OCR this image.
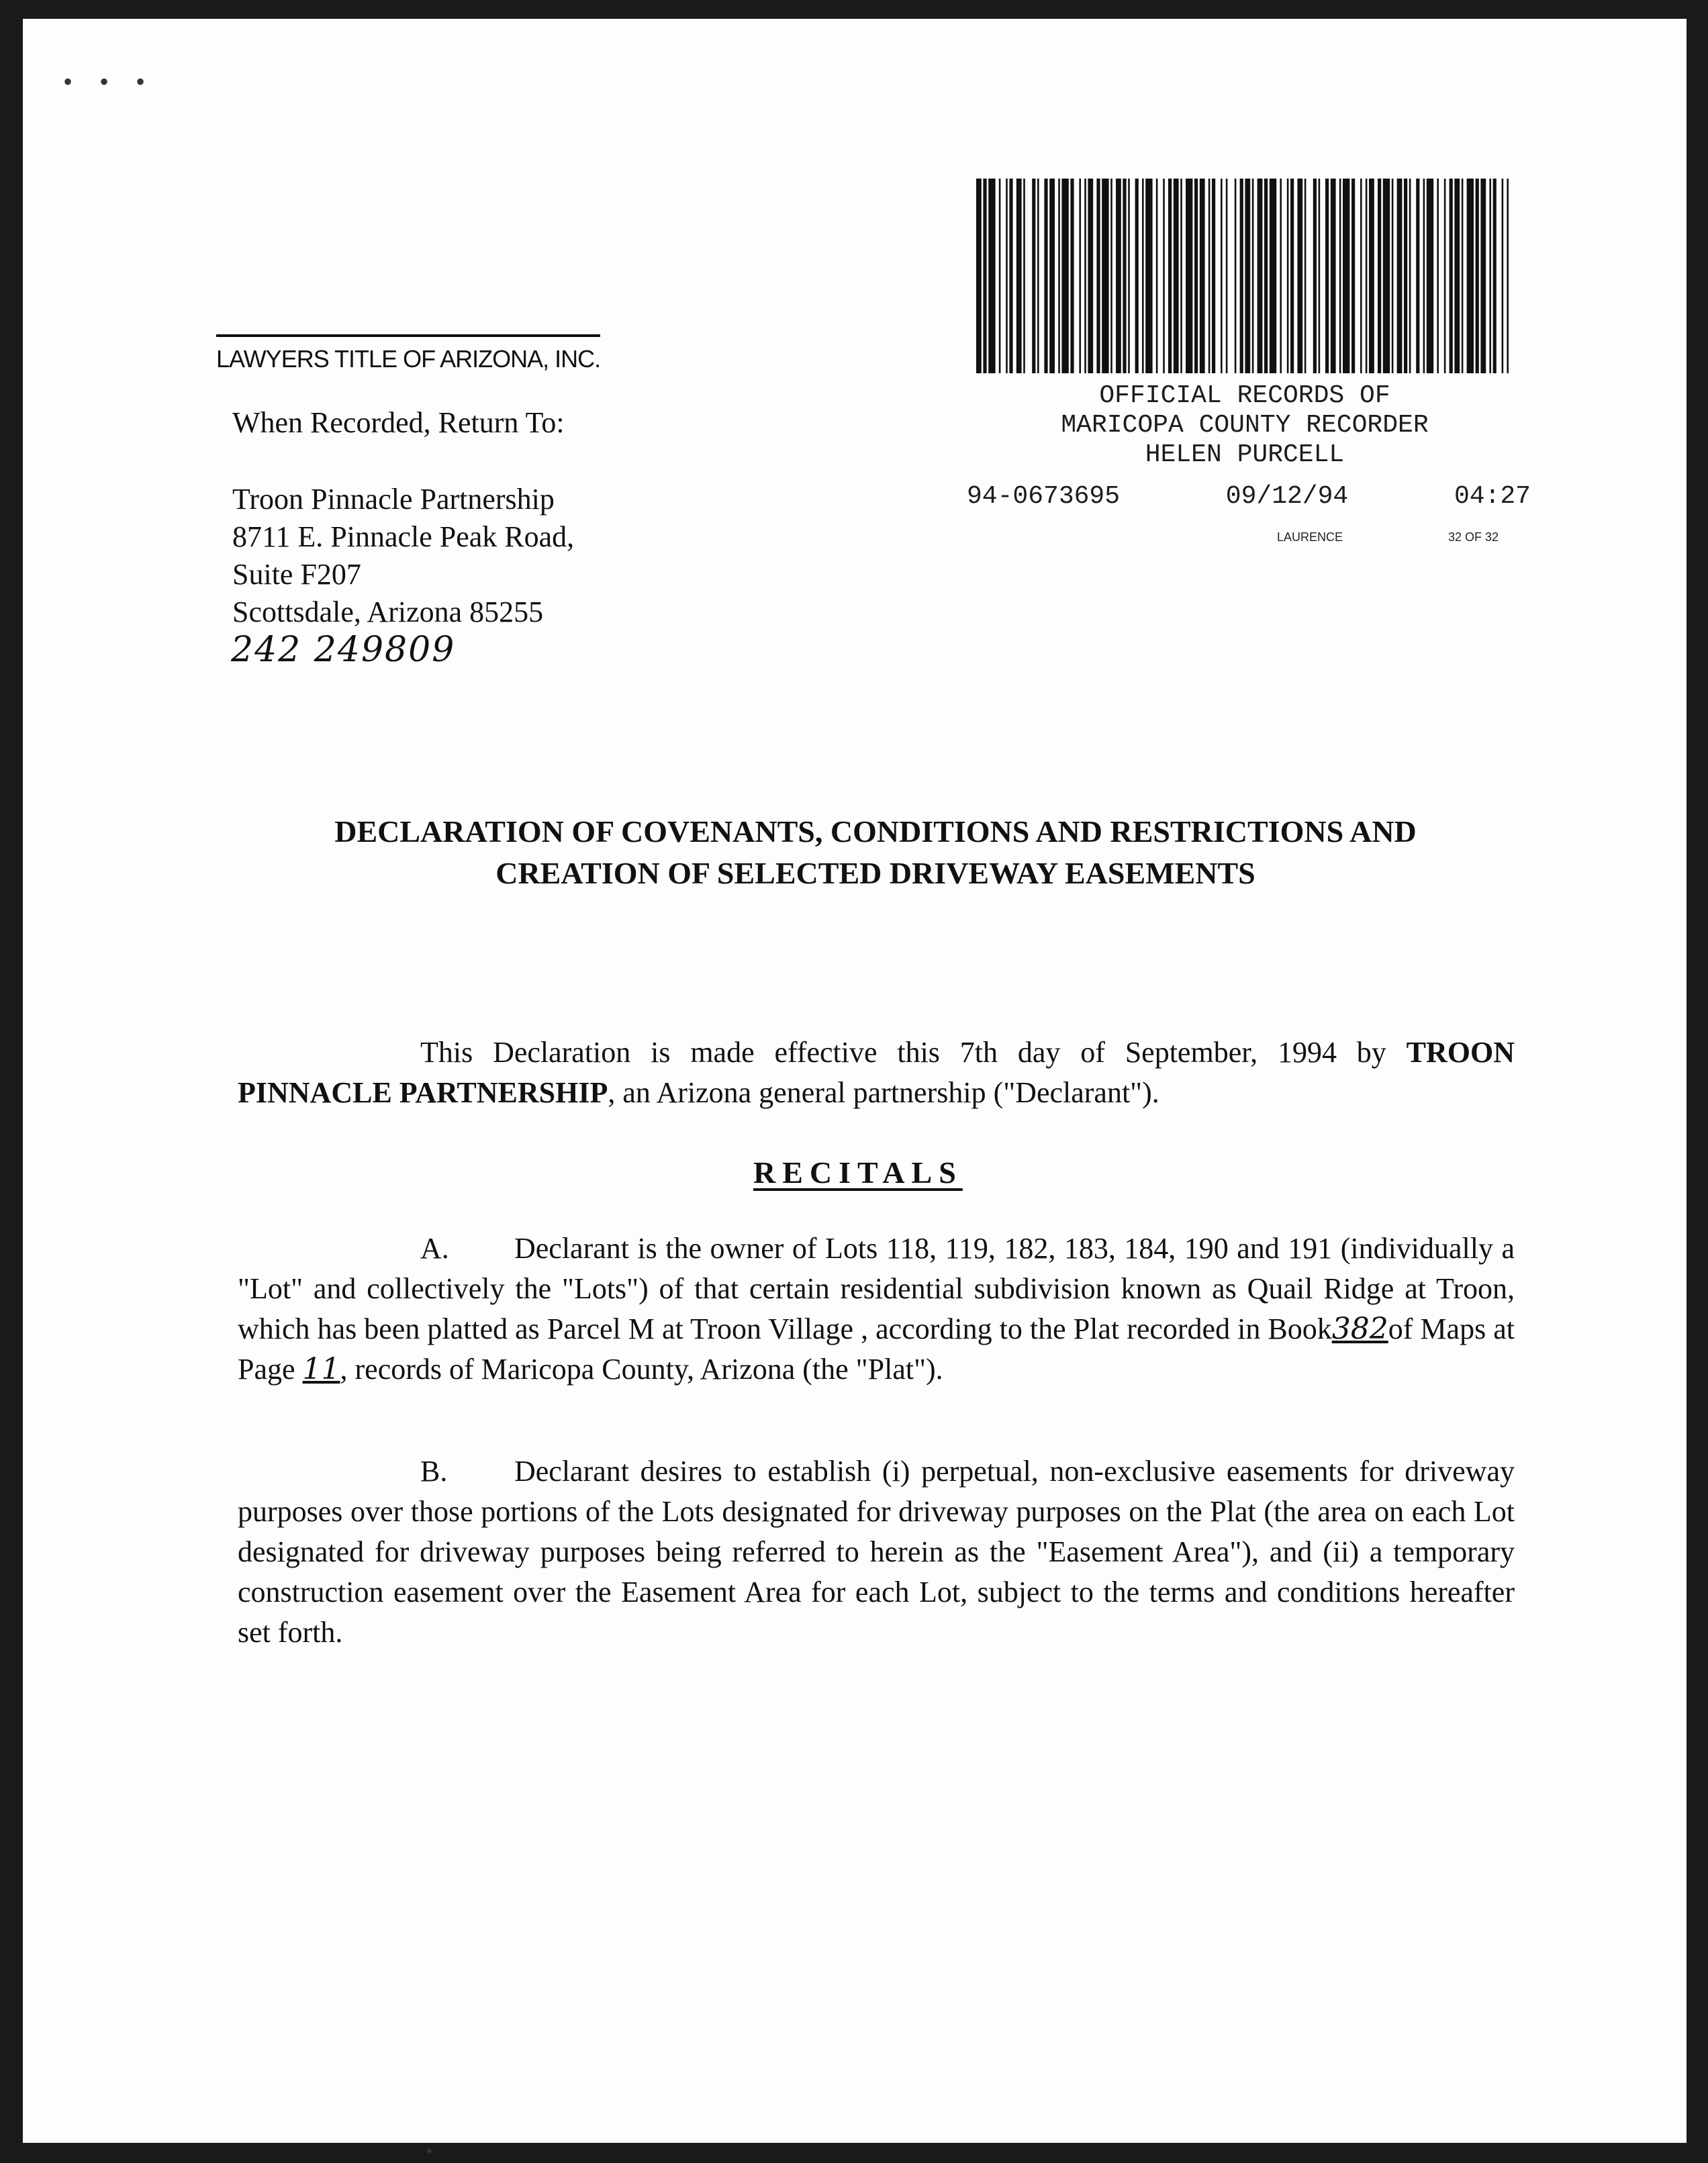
•••
OFFICIAL RECORDS OF
MARICOPA COUNTY RECORDER
HELEN PURCELL
94-0673695	09/12/94	04:27
LAURENCE	32 OF 32
LAWYERS TITLE OF ARIZONA, INC.
When Recorded, Return To:
Troon Pinnacle Partnership
8711 E. Pinnacle Peak Road,
Suite F207
Scottsdale, Arizona 85255
242 249809
DECLARATION OF COVENANTS, CONDITIONS AND RESTRICTIONS AND
CREATION OF SELECTED DRIVEWAY EASEMENTS
This Declaration is made effective this 7th day of September, 1994 by TROON PINNACLE PARTNERSHIP, an Arizona general partnership ("Declarant").
RECITALS
A. Declarant is the owner of Lots 118, 119, 182, 183, 184, 190 and 191 (individually a "Lot" and collectively the "Lots") of that certain residential subdivision known as Quail Ridge at Troon, which has been platted as Parcel M at Troon Village , according to the Plat recorded in Book382of Maps at Page 11, records of Maricopa County, Arizona (the "Plat").
B. Declarant desires to establish (i) perpetual, non-exclusive easements for driveway purposes over those portions of the Lots designated for driveway purposes on the Plat (the area on each Lot designated for driveway purposes being referred to herein as the "Easement Area"), and (ii) a temporary construction easement over the Easement Area for each Lot, subject to the terms and conditions hereafter set forth.
•
